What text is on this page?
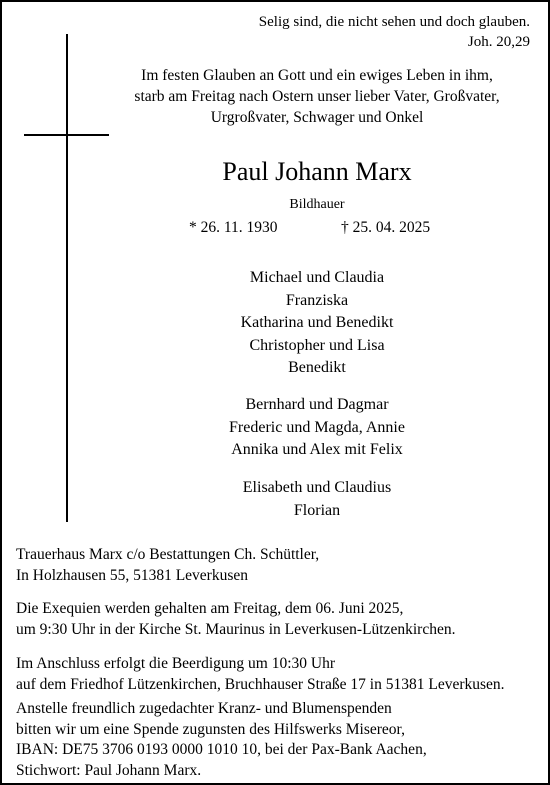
Selig sind, die nicht sehen und doch glauben.
Joh. 20,29
Im festen Glauben an Gott und ein ewiges Leben in ihm,
starb am Freitag nach Ostern unser lieber Vater, Großvater,
Urgroßvater, Schwager und Onkel
Paul Johann Marx
Bildhauer
* 26. 11. 1930	† 25. 04. 2025
Michael und Claudia
Franziska
Katharina und Benedikt
Christopher und Lisa
Benedikt
Bernhard und Dagmar
Frederic und Magda, Annie
Annika und Alex mit Felix
Elisabeth und Claudius
Florian
Trauerhaus Marx c/o Bestattungen Ch. Schüttler,
In Holzhausen 55, 51381 Leverkusen
Die Exequien werden gehalten am Freitag, dem 06. Juni 2025,
um 9:30 Uhr in der Kirche St. Maurinus in Leverkusen-Lützenkirchen.
Im Anschluss erfolgt die Beerdigung um 10:30 Uhr
auf dem Friedhof Lützenkirchen, Bruchhauser Straße 17 in 51381 Leverkusen.
Anstelle freundlich zugedachter Kranz- und Blumenspenden
bitten wir um eine Spende zugunsten des Hilfswerks Misereor,
IBAN: DE75 3706 0193 0000 1010 10, bei der Pax-Bank Aachen,
Stichwort: Paul Johann Marx.
